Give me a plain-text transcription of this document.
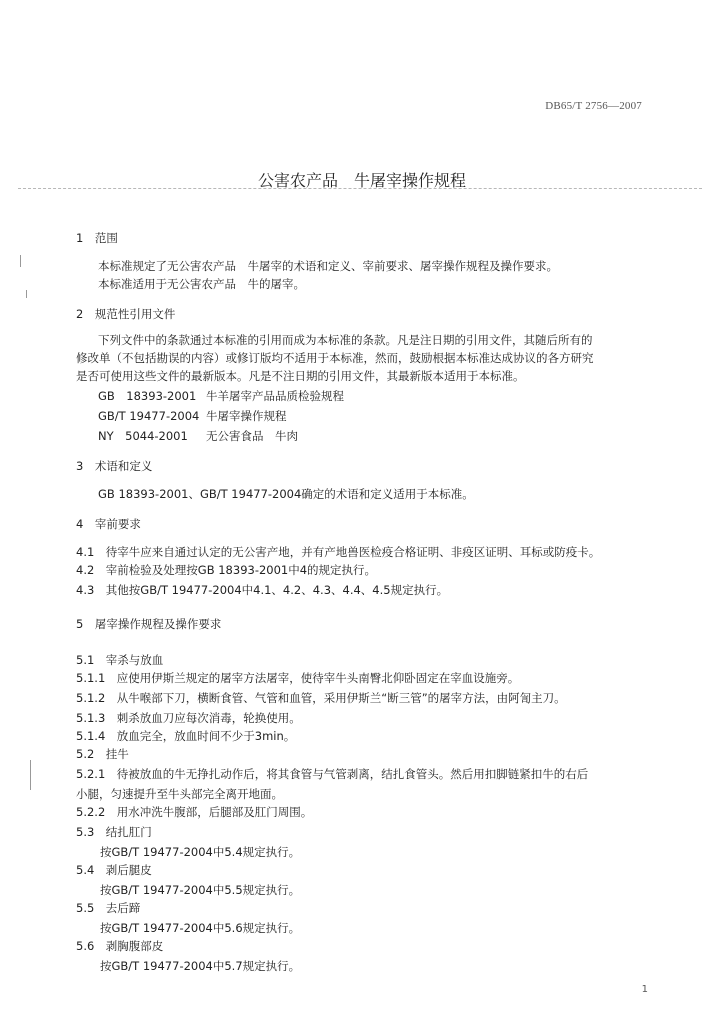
DB65/T 2756—2007
公害农产品　牛屠宰操作规程
1　范围
本标准规定了无公害农产品　牛屠宰的术语和定义、宰前要求、屠宰操作规程及操作要求。
本标准适用于无公害农产品　牛的屠宰。
2　规范性引用文件
下列文件中的条款通过本标准的引用而成为本标准的条款。凡是注日期的引用文件，其随后所有的
修改单（不包括勘误的内容）或修订版均不适用于本标准，然而，鼓励根据本标准达成协议的各方研究
是否可使用这些文件的最新版本。凡是不注日期的引用文件，其最新版本适用于本标准。
GB　18393-2001 牛羊屠宰产品品质检验规程
GB/T 19477-2004 牛屠宰操作规程
NY　5044-2001 无公害食品　牛肉
3　术语和定义
GB 18393-2001、GB/T 19477-2004确定的术语和定义适用于本标准。
4　宰前要求
4.1　待宰牛应来自通过认定的无公害产地，并有产地兽医检疫合格证明、非疫区证明、耳标或防疫卡。
4.2　宰前检验及处理按GB 18393-2001中4的规定执行。
4.3　其他按GB/T 19477-2004中4.1、4.2、4.3、4.4、4.5规定执行。
5　屠宰操作规程及操作要求
5.1　宰杀与放血
5.1.1　应使用伊斯兰规定的屠宰方法屠宰，使待宰牛头南臀北仰卧固定在宰血设施旁。
5.1.2　从牛喉部下刀，横断食管、气管和血管，采用伊斯兰“断三管”的屠宰方法，由阿訇主刀。
5.1.3　刺杀放血刀应每次消毒，轮换使用。
5.1.4　放血完全，放血时间不少于3min。
5.2　挂牛
5.2.1　待被放血的牛无挣扎动作后，将其食管与气管剥离，结扎食管头。然后用扣脚链紧扣牛的右后
小腿，匀速提升至牛头部完全离开地面。
5.2.2　用水冲洗牛腹部，后腿部及肛门周围。
5.3　结扎肛门
按GB/T 19477-2004中5.4规定执行。
5.4　剥后腿皮
按GB/T 19477-2004中5.5规定执行。
5.5　去后蹄
按GB/T 19477-2004中5.6规定执行。
5.6　剥胸腹部皮
按GB/T 19477-2004中5.7规定执行。
1
